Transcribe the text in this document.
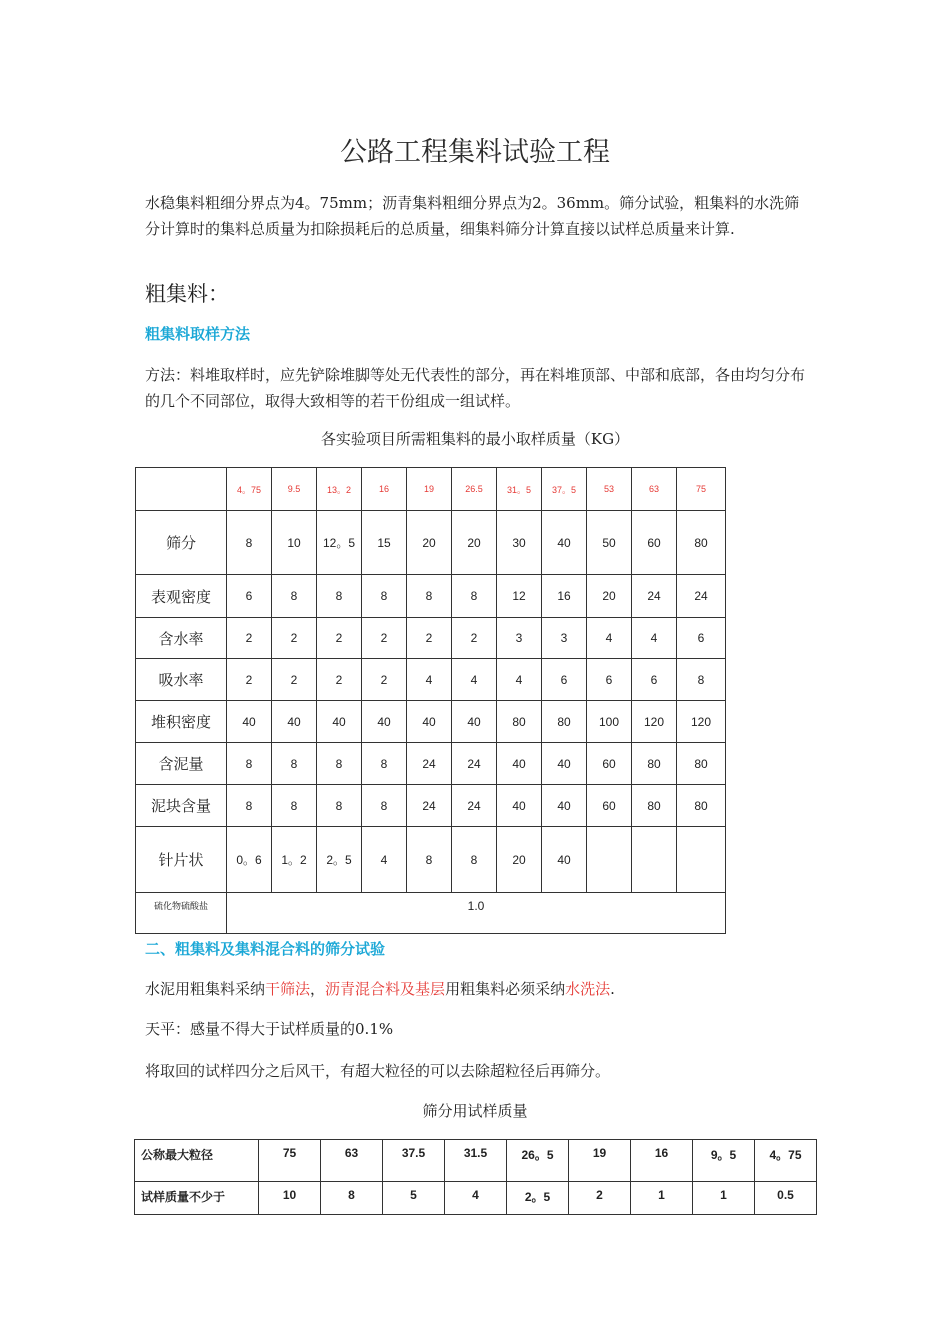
公路工程集料试验工程
水稳集料粗细分界点为4。75mm；沥青集料粗细分界点为2。36mm。筛分试验，粗集料的水洗筛分计算时的集料总质量为扣除损耗后的总质量，细集料筛分计算直接以试样总质量来计算.
粗集料：
粗集料取样方法
方法：料堆取样时，应先铲除堆脚等处无代表性的部分，再在料堆顶部、中部和底部，各由均匀分布的几个不同部位，取得大致相等的若干份组成一组试样。
各实验项目所需粗集料的最小取样质量（KG）
	4。75	9.5	13。2	16	19	26.5	31。5	37。5	53	63	75
筛分	8	10	12。5	15	20	20	30	40	50	60	80
表观密度	6	8	8	8	8	8	12	16	20	24	24
含水率	2	2	2	2	2	2	3	3	4	4	6
吸水率	2	2	2	2	4	4	4	6	6	6	8
堆积密度	40	40	40	40	40	40	80	80	100	120	120
含泥量	8	8	8	8	24	24	40	40	60	80	80
泥块含量	8	8	8	8	24	24	40	40	60	80	80
针片状	0。6	1。2	2。5	4	8	8	20	40			
硫化物硫酸盐	1.0										
二、粗集料及集料混合料的筛分试验
水泥用粗集料采纳干筛法，沥青混合料及基层用粗集料必须采纳水洗法.
天平：感量不得大于试样质量的0.1%
将取回的试样四分之后风干，有超大粒径的可以去除超粒径后再筛分。
筛分用试样质量
公称最大粒径	75	63	37.5	31.5	26。5	19	16	9。5	4。75
试样质量不少于	10	8	5	4	2。5	2	1	1	0.5
